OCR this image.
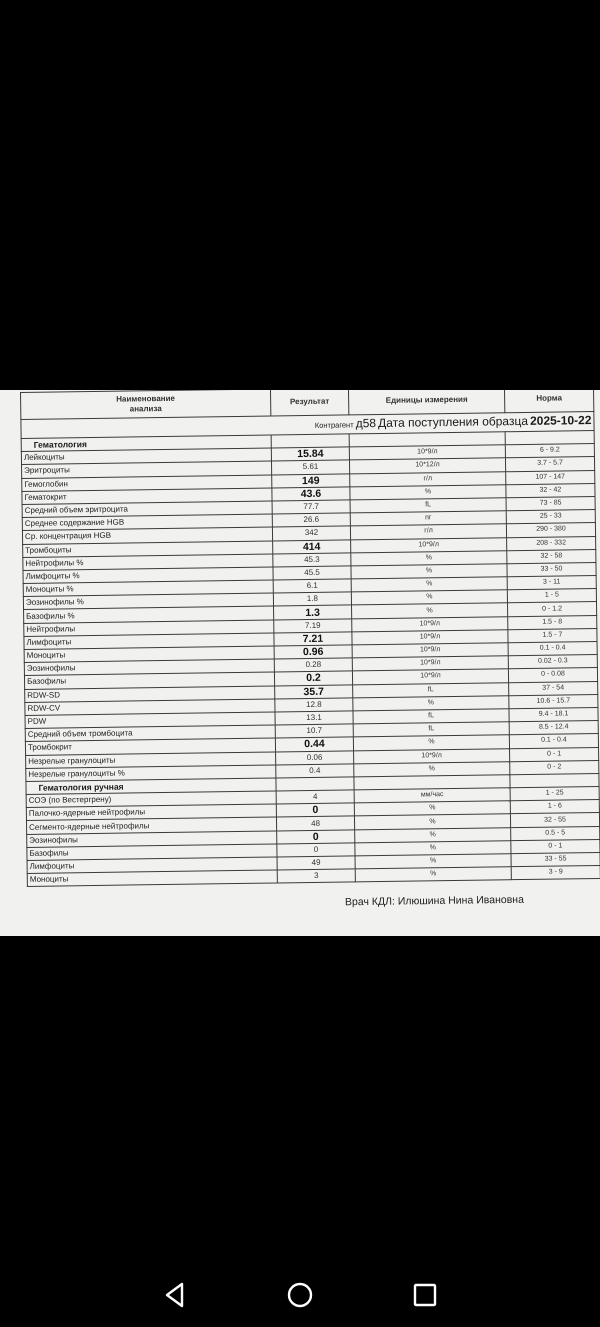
Наименование анализа	Результат	Единицы измерения	Норма
Контрагент д58 Дата поступления образца 2025-10-22			
Гематология			
Лейкоциты	15.84	10*9/л	6 - 9.2
Эритроциты	5.61	10*12/л	3.7 - 5.7
Гемоглобин	149	г/л	107 - 147
Гематокрит	43.6	%	32 - 42
Средний объем эритроцита	77.7	fL	73 - 85
Среднее содержание HGB	26.6	пг	25 - 33
Ср. концентрация HGB	342	г/л	290 - 380
Тромбоциты	414	10*9/л	208 - 332
Нейтрофилы %	45.3	%	32 - 58
Лимфоциты %	45.5	%	33 - 50
Моноциты %	6.1	%	3 - 11
Эозинофилы %	1.8	%	1 - 5
Базофилы %	1.3	%	0 - 1.2
Нейтрофилы	7.19	10*9/л	1.5 - 8
Лимфоциты	7.21	10*9/л	1.5 - 7
Моноциты	0.96	10*9/л	0.1 - 0.4
Эозинофилы	0.28	10*9/л	0.02 - 0.3
Базофилы	0.2	10*9/л	0 - 0.08
RDW-SD	35.7	fL	37 - 54
RDW-CV	12.8	%	10.6 - 15.7
PDW	13.1	fL	9.4 - 18.1
Средний объем тромбоцита	10.7	fL	8.5 - 12.4
Тромбокрит	0.44	%	0.1 - 0.4
Незрелые гранулоциты	0.06	10*9/л	0 - 1
Незрелые гранулоциты %	0.4	%	0 - 2
Гематология ручная			
СОЭ (по Вестергрену)	4	мм/час	1 - 25
Палочко-ядерные нейтрофилы	0	%	1 - 6
Сегменто-ядерные нейтрофилы	48	%	32 - 55
Эозинофилы	0	%	0.5 - 5
Базофилы	0	%	0 - 1
Лимфоциты	49	%	33 - 55
Моноциты	3	%	3 - 9
Врач КДЛ: Илюшина Нина Ивановна
